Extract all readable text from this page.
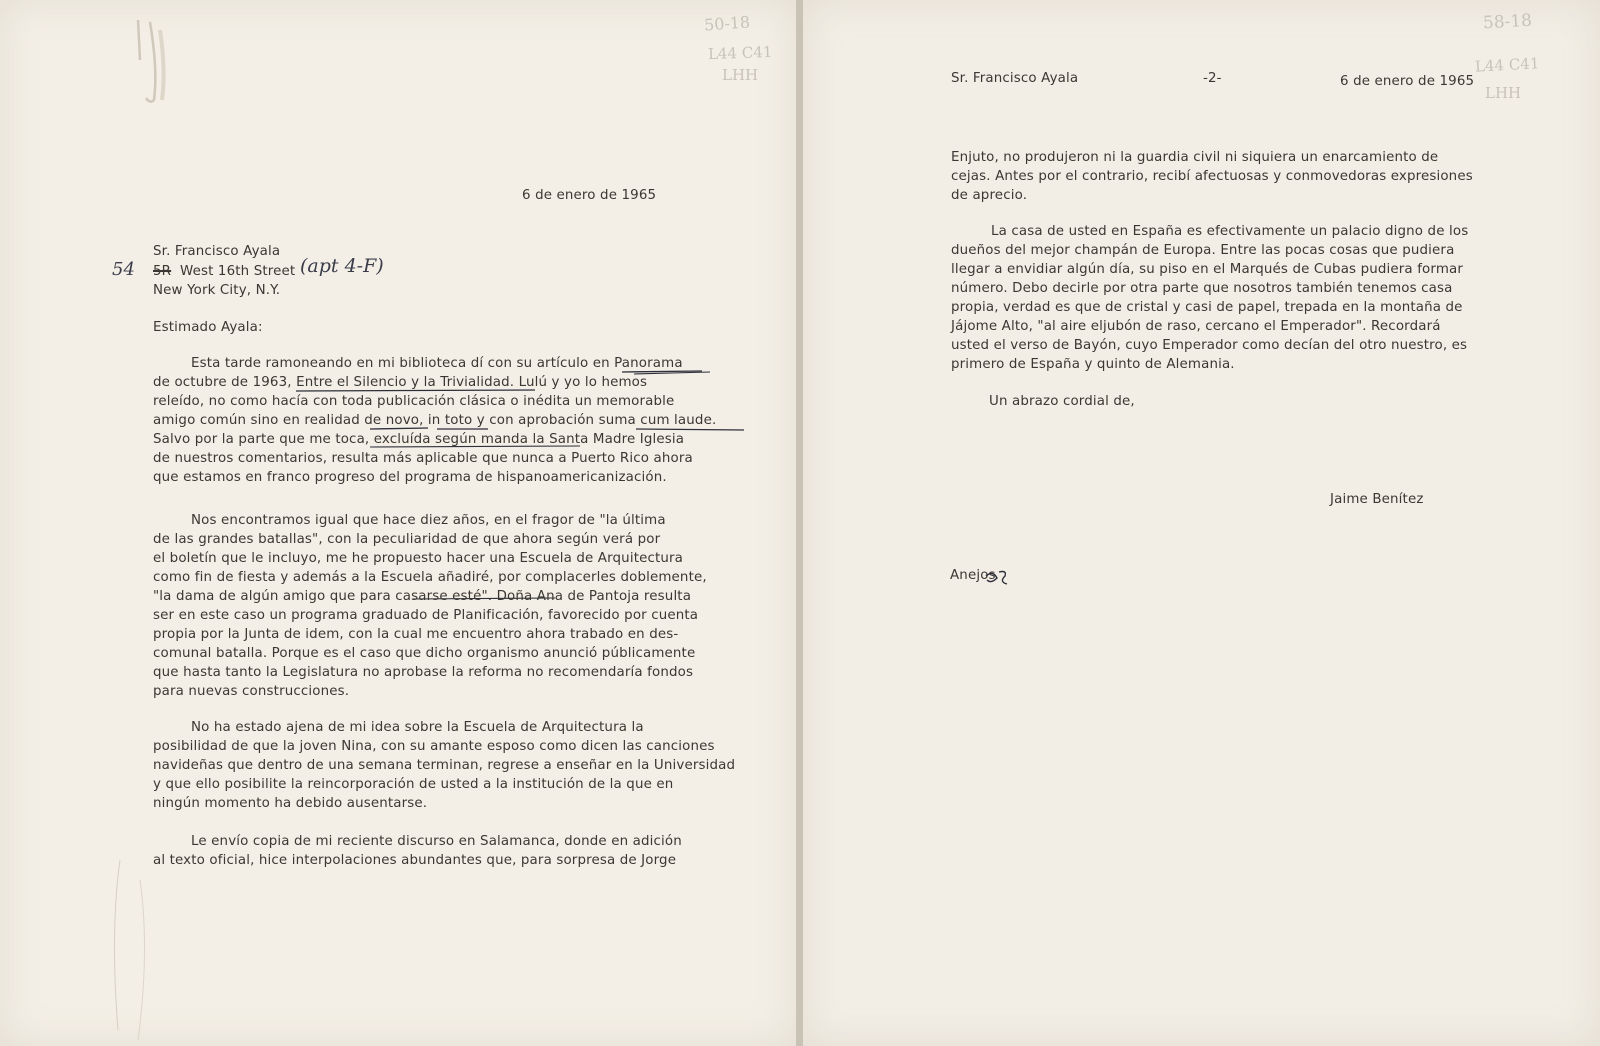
50-18
L44 C41
LHH
6 de enero de 1965
Sr. Francisco Ayala
54 5R West 16th Street (apt 4-F)
New York City, N.Y.
Estimado Ayala:
Esta tarde ramoneando en mi biblioteca dí con su artículo en Panorama
de octubre de 1963, Entre el Silencio y la Trivialidad. Lulú y yo lo hemos
releído, no como hacía con toda publicación clásica o inédita un memorable
amigo común sino en realidad de novo, in toto y con aprobación suma cum laude.
Salvo por la parte que me toca, excluída según manda la Santa Madre Iglesia
de nuestros comentarios, resulta más aplicable que nunca a Puerto Rico ahora
que estamos en franco progreso del programa de hispanoamericanización.
Nos encontramos igual que hace diez años, en el fragor de "la última
de las grandes batallas", con la peculiaridad de que ahora según verá por
el boletín que le incluyo, me he propuesto hacer una Escuela de Arquitectura
como fin de fiesta y además a la Escuela añadiré, por complacerles doblemente,
"la dama de algún amigo que para casarse esté". Doña Ana de Pantoja resulta
ser en este caso un programa graduado de Planificación, favorecido por cuenta
propia por la Junta de idem, con la cual me encuentro ahora trabado en des-
comunal batalla. Porque es el caso que dicho organismo anunció públicamente
que hasta tanto la Legislatura no aprobase la reforma no recomendaría fondos
para nuevas construcciones.
No ha estado ajena de mi idea sobre la Escuela de Arquitectura la
posibilidad de que la joven Nina, con su amante esposo como dicen las canciones
navideñas que dentro de una semana terminan, regrese a enseñar en la Universidad
y que ello posibilite la reincorporación de usted a la institución de la que en
ningún momento ha debido ausentarse.
Le envío copia de mi reciente discurso en Salamanca, donde en adición
al texto oficial, hice interpolaciones abundantes que, para sorpresa de Jorge
58-18
L44 C41
LHH
Sr. Francisco Ayala	-2-	6 de enero de 1965
Enjuto, no produjeron ni la guardia civil ni siquiera un enarcamiento de
cejas. Antes por el contrario, recibí afectuosas y conmovedoras expresiones
de aprecio.
La casa de usted en España es efectivamente un palacio digno de los
dueños del mejor champán de Europa. Entre las pocas cosas que pudiera
llegar a envidiar algún día, su piso en el Marqués de Cubas pudiera formar
número. Debo decirle por otra parte que nosotros también tenemos casa
propia, verdad es que de cristal y casi de papel, trepada en la montaña de
Jájome Alto, "al aire eljubón de raso, cercano el Emperador". Recordará
usted el verso de Bayón, cuyo Emperador como decían del otro nuestro, es
primero de España y quinto de Alemania.
Un abrazo cordial de,
Jaime Benítez
Anejos
